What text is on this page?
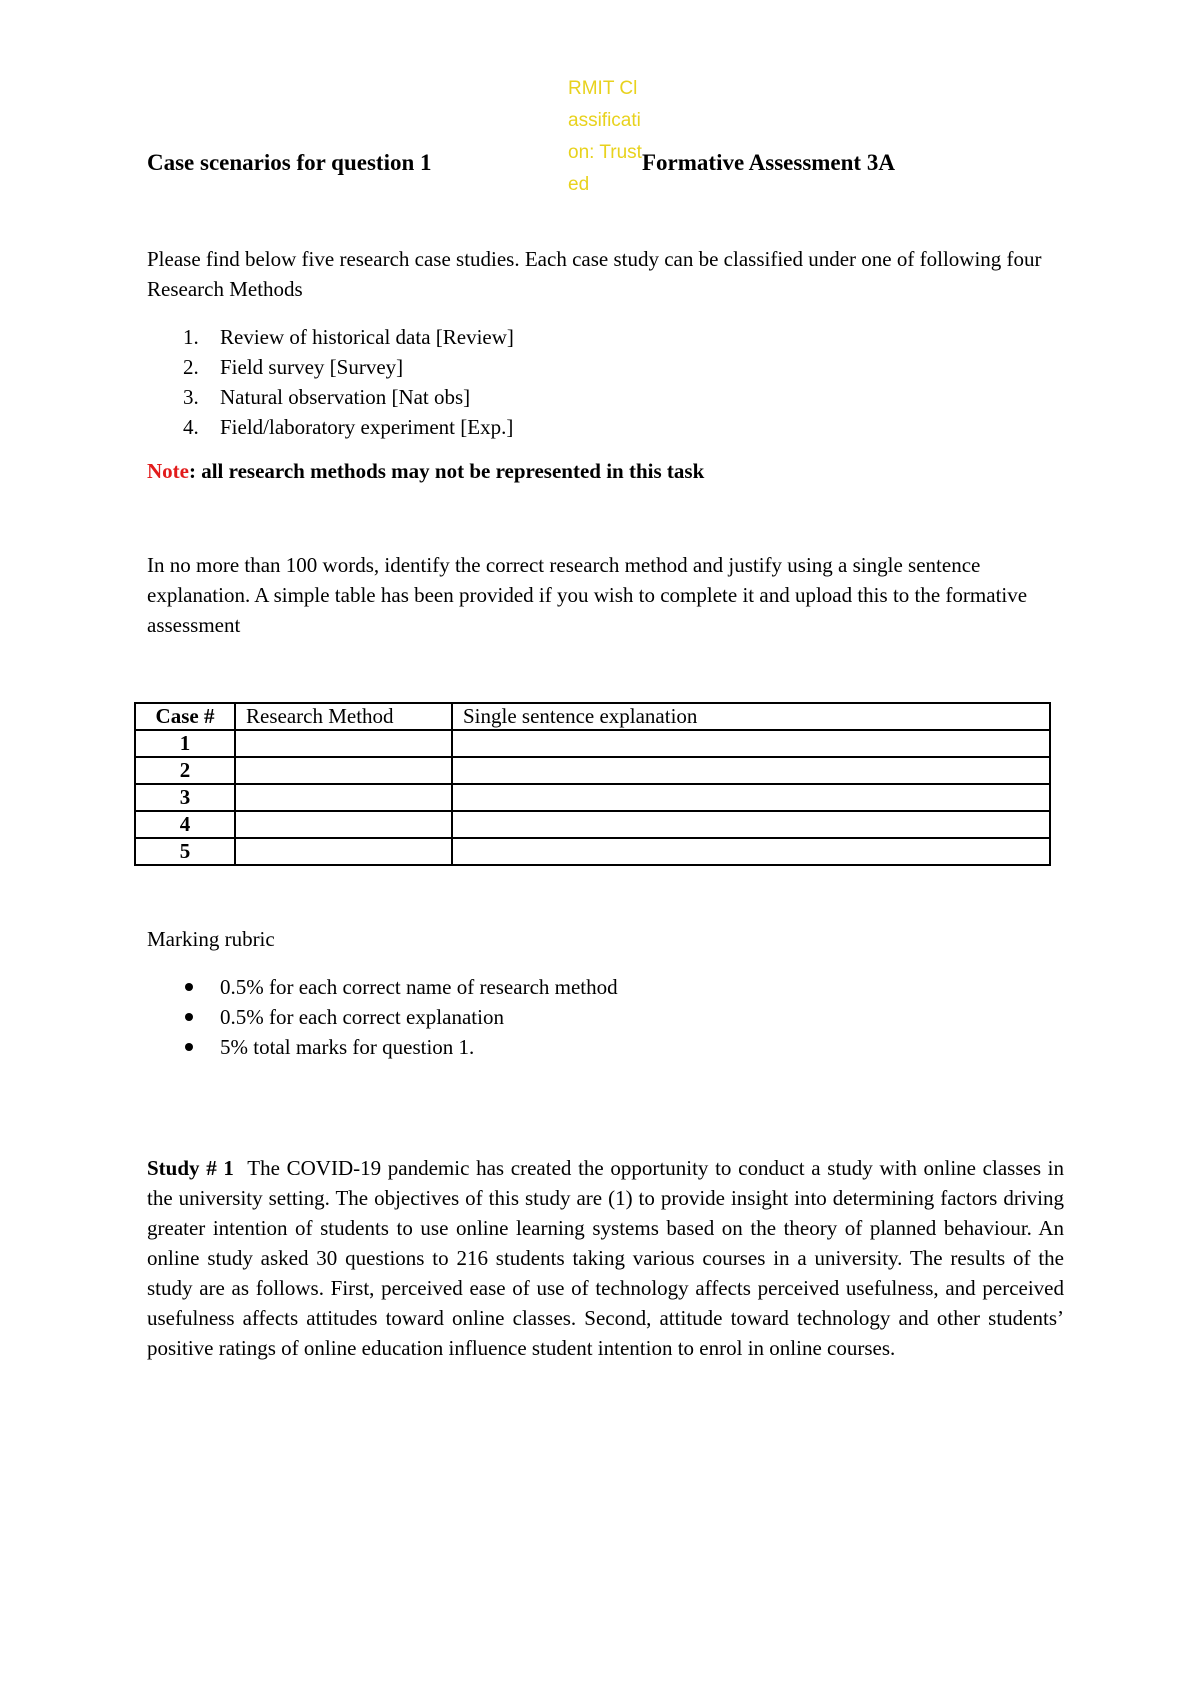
Case scenarios for question 1
RMIT Classification: Trusted
Formative Assessment 3A
Please find below five research case studies. Each case study can be classified under one of following four Research Methods
1. Review of historical data [Review]
2. Field survey [Survey]
3. Natural observation [Nat obs]
4. Field/laboratory experiment [Exp.]
Note: all research methods may not be represented in this task
In no more than 100 words, identify the correct research method and justify using a single sentence explanation. A simple table has been provided if you wish to complete it and upload this to the formative assessment
Case #	Research Method	Single sentence explanation
1		
2		
3		
4		
5		
Marking rubric
0.5% for each correct name of research method
0.5% for each correct explanation
5% total marks for question 1.
Study # 1 The COVID-19 pandemic has created the opportunity to conduct a study with online classes in the university setting. The objectives of this study are (1) to provide insight into determining factors driving greater intention of students to use online learning systems based on the theory of planned behaviour. An online study asked 30 questions to 216 students taking various courses in a university. The results of the study are as follows. First, perceived ease of use of technology affects perceived usefulness, and perceived usefulness affects attitudes toward online classes. Second, attitude toward technology and other students’ positive ratings of online education influence student intention to enrol in online courses.
